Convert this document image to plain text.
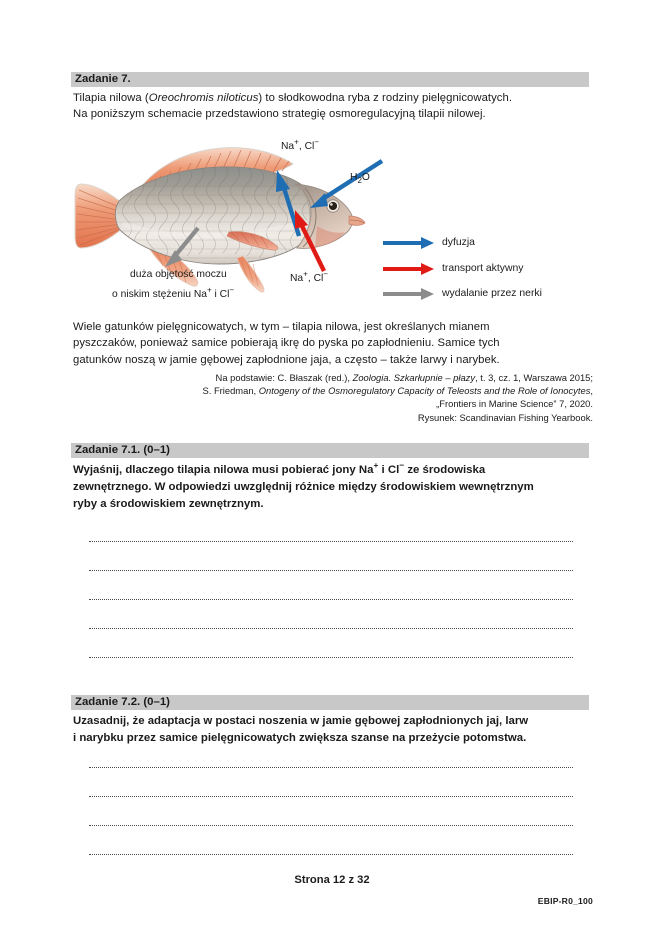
Zadanie 7.
Tilapia nilowa (Oreochromis niloticus) to słodkowodna ryba z rodziny pielęgnicowatych.
Na poniższym schemacie przedstawiono strategię osmoregulacyjną tilapii nilowej.
Na+, Cl−
$H_2O$
Na+, Cl−
duża objętość moczu
o niskim stężeniu Na+ i Cl−
dyfuzja
transport aktywny
wydalanie przez nerki
Wiele gatunków pielęgnicowatych, w tym – tilapia nilowa, jest określanych mianem
pyszczaków, ponieważ samice pobierają ikrę do pyska po zapłodnieniu. Samice tych
gatunków noszą w jamie gębowej zapłodnione jaja, a często – także larwy i narybek.
Na podstawie: C. Błaszak (red.), Zoologia. Szkarłupnie – płazy, t. 3, cz. 1, Warszawa 2015;
S. Friedman, Ontogeny of the Osmoregulatory Capacity of Teleosts and the Role of Ionocytes,
„Frontiers in Marine Science” 7, 2020.
Rysunek: Scandinavian Fishing Yearbook.
Zadanie 7.1. (0–1)
Wyjaśnij, dlaczego tilapia nilowa musi pobierać jony Na+ i Cl− ze środowiska
zewnętrznego. W odpowiedzi uwzględnij różnice między środowiskiem wewnętrznym
ryby a środowiskiem zewnętrznym.
Zadanie 7.2. (0–1)
Uzasadnij, że adaptacja w postaci noszenia w jamie gębowej zapłodnionych jaj, larw
i narybku przez samice pielęgnicowatych zwiększa szanse na przeżycie potomstwa.
Strona 12 z 32
EBIP-R0_100
